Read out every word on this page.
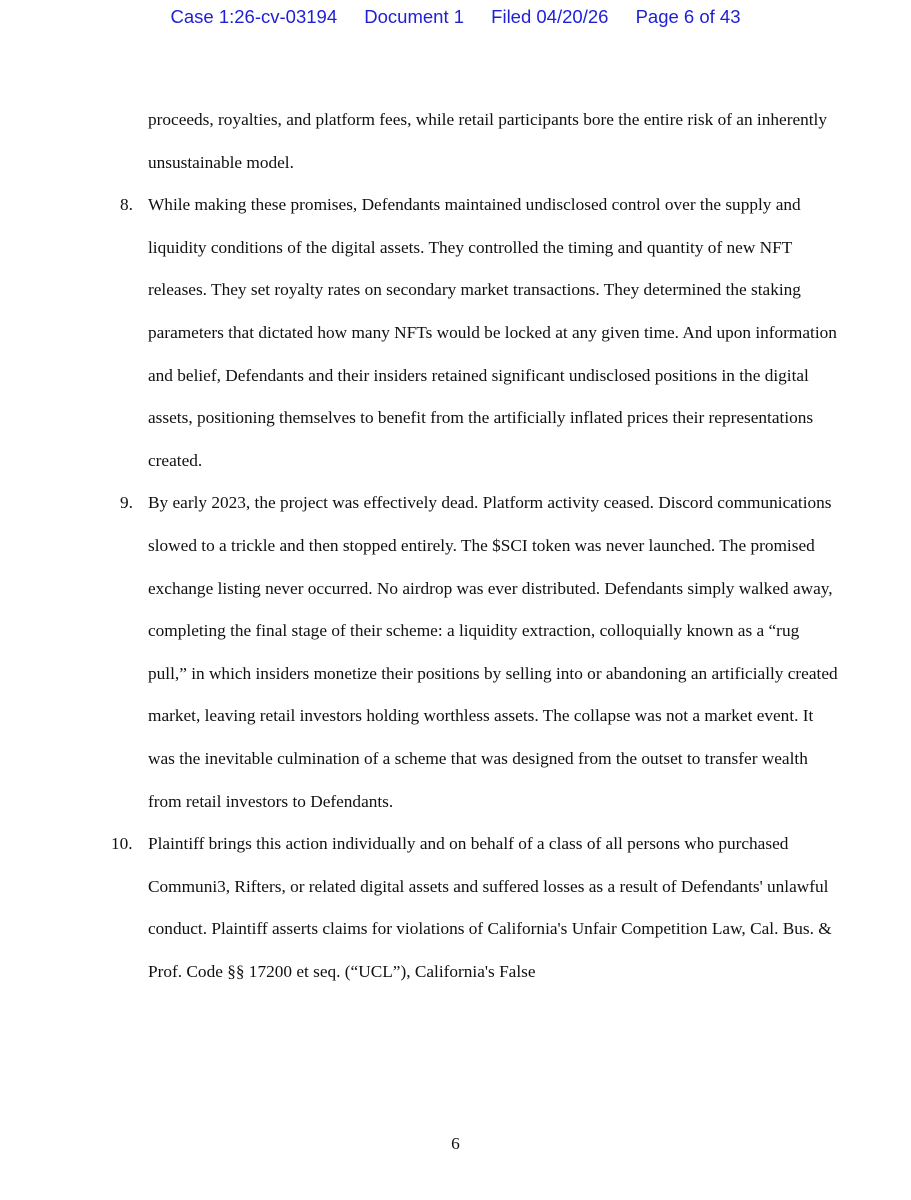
Case 1:26-cv-03194 Document 1 Filed 04/20/26 Page 6 of 43

proceeds, royalties, and platform fees, while retail participants bore the entire risk of an inherently unsustainable model.

8. While making these promises, Defendants maintained undisclosed control over the supply and liquidity conditions of the digital assets. They controlled the timing and quantity of new NFT releases. They set royalty rates on secondary market transactions. They determined the staking parameters that dictated how many NFTs would be locked at any given time. And upon information and belief, Defendants and their insiders retained significant undisclosed positions in the digital assets, positioning themselves to benefit from the artificially inflated prices their representations created.

9. By early 2023, the project was effectively dead. Platform activity ceased. Discord communications slowed to a trickle and then stopped entirely. The $SCI token was never launched. The promised exchange listing never occurred. No airdrop was ever distributed. Defendants simply walked away, completing the final stage of their scheme: a liquidity extraction, colloquially known as a “rug pull,” in which insiders monetize their positions by selling into or abandoning an artificially created market, leaving retail investors holding worthless assets. The collapse was not a market event. It was the inevitable culmination of a scheme that was designed from the outset to transfer wealth from retail investors to Defendants.

10. Plaintiff brings this action individually and on behalf of a class of all persons who purchased Communi3, Rifters, or related digital assets and suffered losses as a result of Defendants' unlawful conduct. Plaintiff asserts claims for violations of California's Unfair Competition Law, Cal. Bus. & Prof. Code §§ 17200 et seq. (“UCL”), California's False

6
